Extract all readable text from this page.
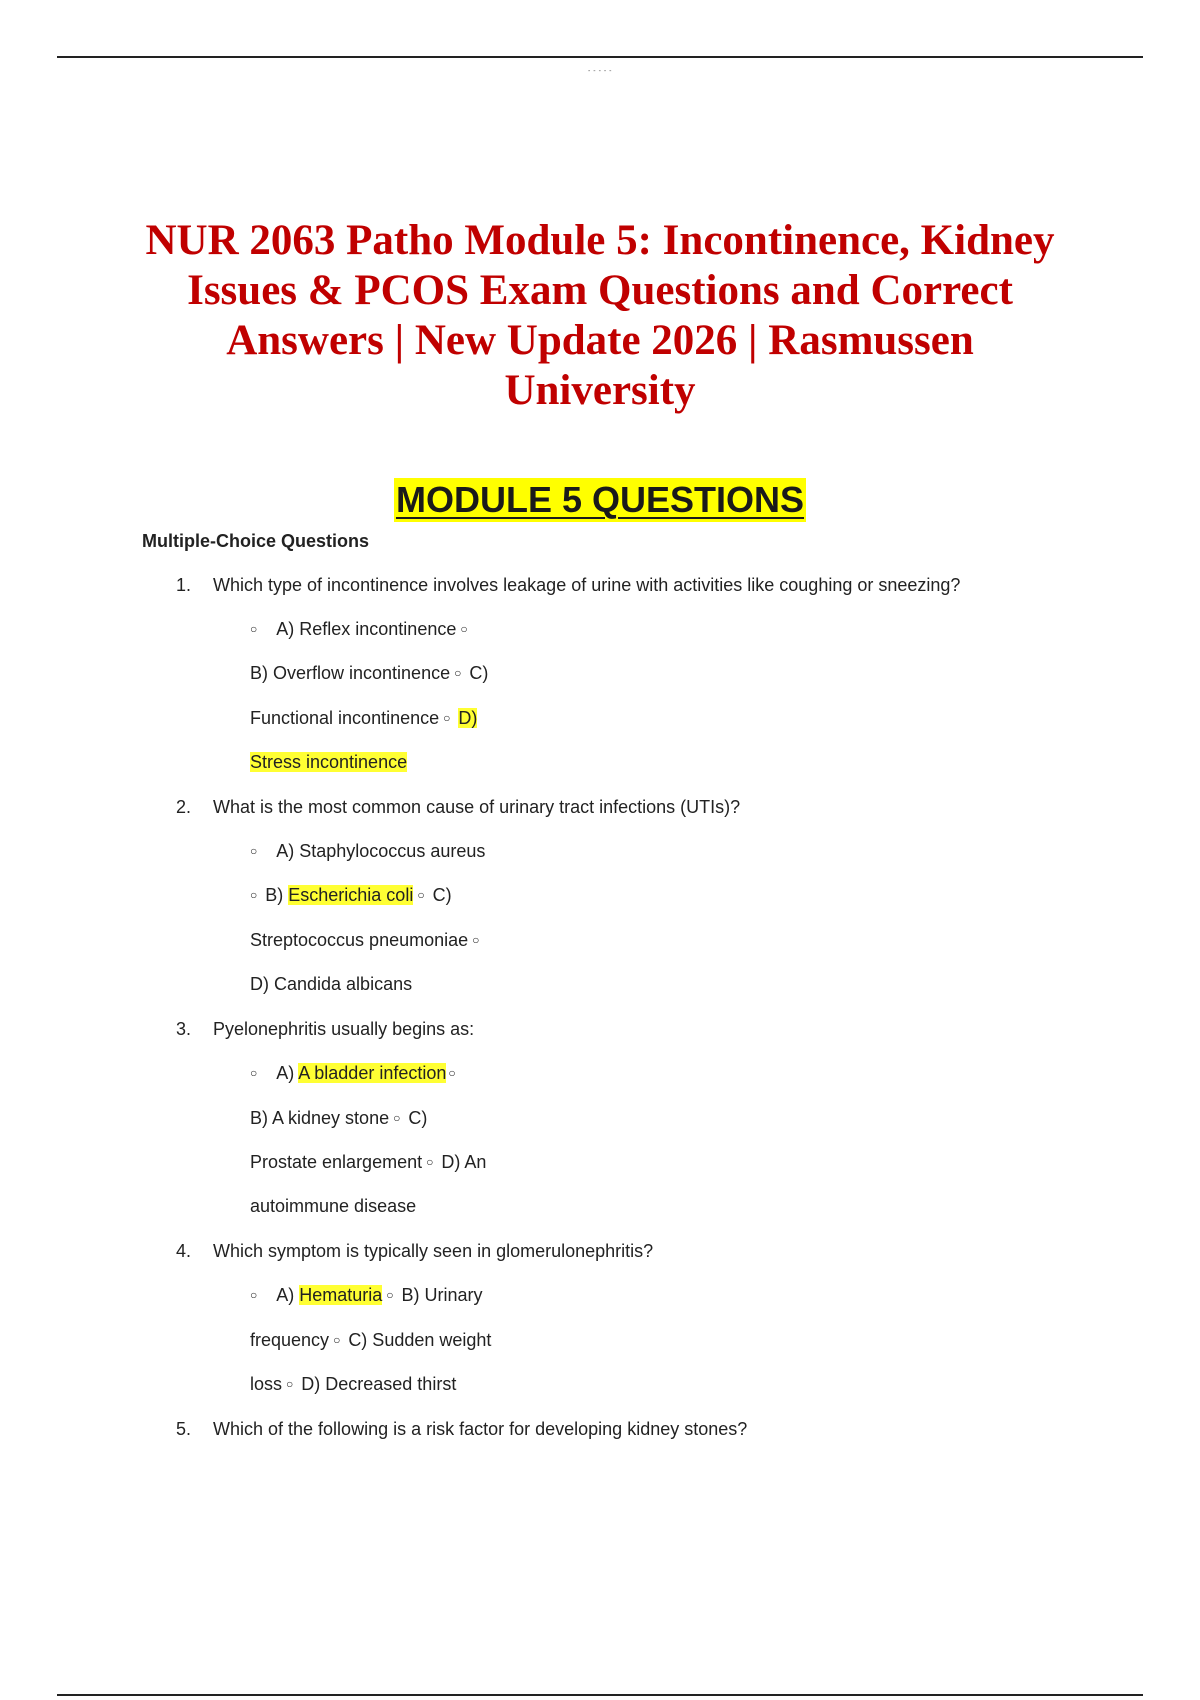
- - - - -
NUR 2063 Patho Module 5: Incontinence, Kidney Issues & PCOS Exam Questions and Correct Answers | New Update 2026 | Rasmussen University
MODULE 5 QUESTIONS
Multiple-Choice Questions
1. Which type of incontinence involves leakage of urine with activities like coughing or sneezing?
○ A) Reflex incontinence ○
B) Overflow incontinence ○ C)
Functional incontinence ○ D)
Stress incontinence
2. What is the most common cause of urinary tract infections (UTIs)?
○ A) Staphylococcus aureus
○ B) Escherichia coli ○ C)
Streptococcus pneumoniae ○
D) Candida albicans
3. Pyelonephritis usually begins as:
○ A) A bladder infection ○
B) A kidney stone ○ C)
Prostate enlargement ○ D) An
autoimmune disease
4. Which symptom is typically seen in glomerulonephritis?
○ A) Hematuria ○ B) Urinary
frequency ○ C) Sudden weight
loss ○ D) Decreased thirst
5. Which of the following is a risk factor for developing kidney stones?
